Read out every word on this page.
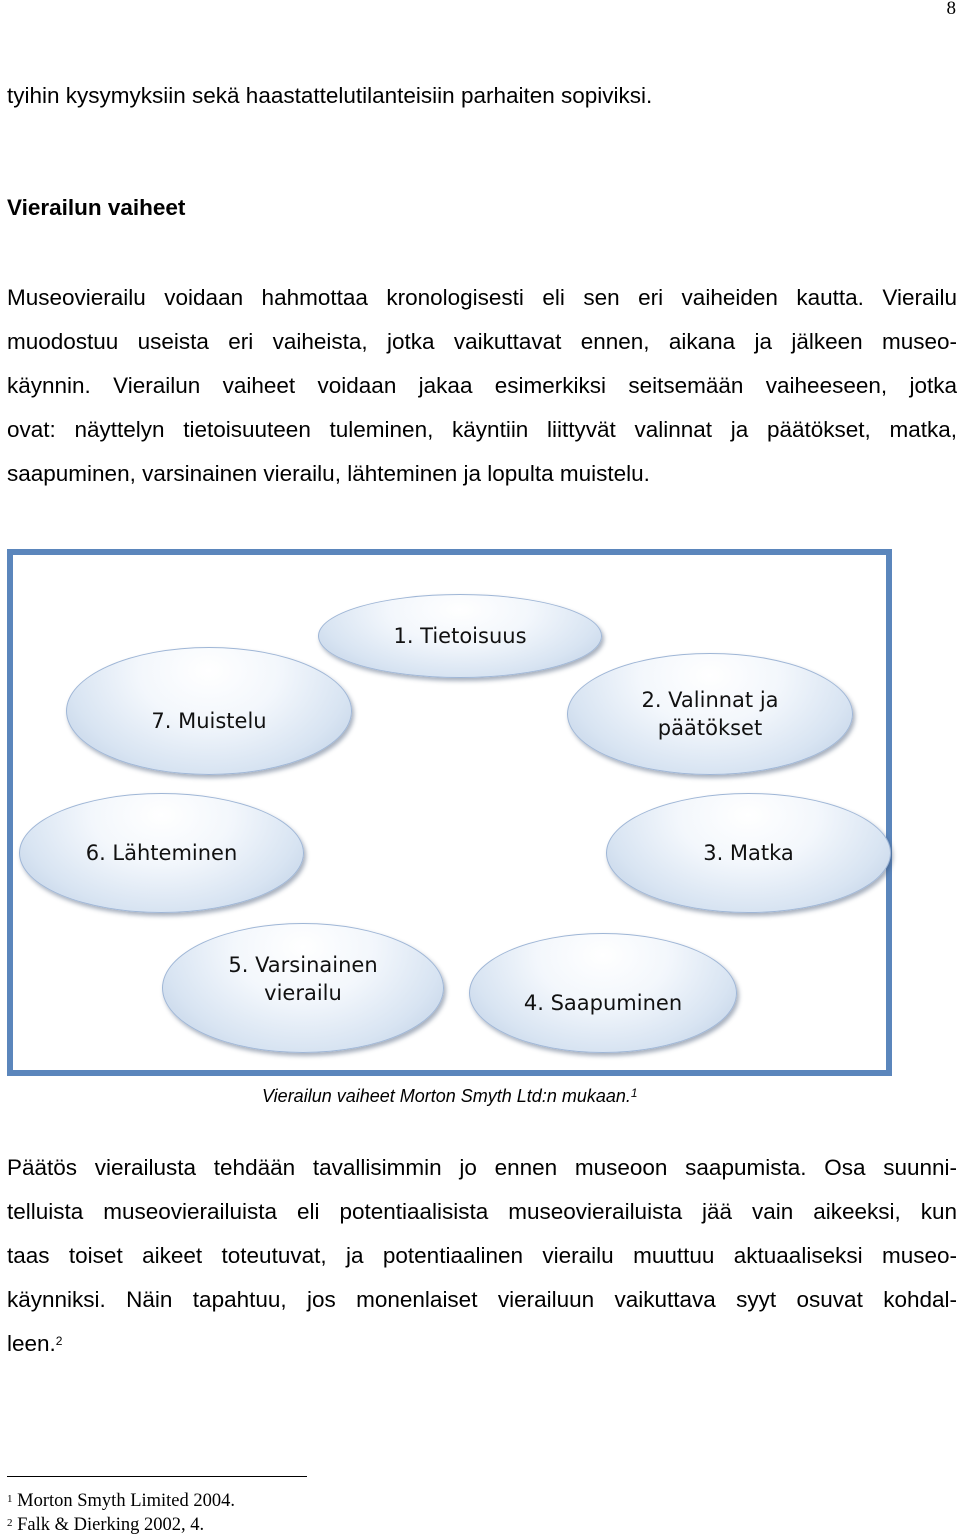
8

tyihin kysymyksiin sekä haastattelutilanteisiin parhaiten sopiviksi.

Vierailun vaiheet

Museovierailu voidaan hahmottaa kronologisesti eli sen eri vaiheiden kautta. Vierailu
muodostuu useista eri vaiheista, jotka vaikuttavat ennen, aikana ja jälkeen museo-
käynnin. Vierailun vaiheet voidaan jakaa esimerkiksi seitsemään vaiheeseen, jotka
ovat: näyttelyn tietoisuuteen tuleminen, käyntiin liittyvät valinnat ja päätökset, matka,
saapuminen, varsinainen vierailu, lähteminen ja lopulta muistelu.

1. Tietoisuus
2. Valinnat ja päätökset
3. Matka
4. Saapuminen
5. Varsinainen vierailu
6. Lähteminen
7. Muistelu

Vierailun vaiheet Morton Smyth Ltd:n mukaan.$^1$

Päätös vierailusta tehdään tavallisimmin jo ennen museoon saapumista. Osa suunni-
telluista museovierailuista eli potentiaalisista museovierailuista jää vain aikeeksi, kun
taas toiset aikeet toteutuvat, ja potentiaalinen vierailu muuttuu aktuaaliseksi museo-
käynniksi. Näin tapahtuu, jos monenlaiset vierailuun vaikuttava syyt osuvat kohdal-
leen.$^2$

$^1$ Morton Smyth Limited 2004.

$^2$ Falk & Dierking 2002, 4.
